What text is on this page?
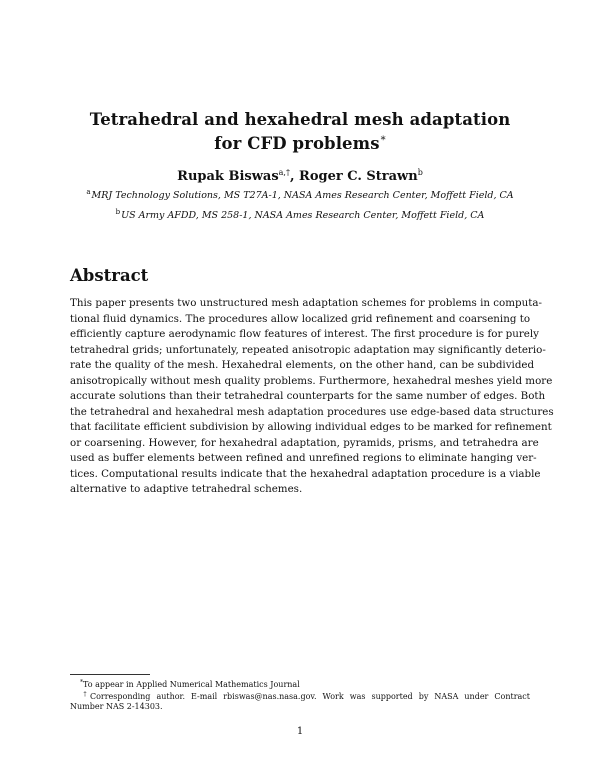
Tetrahedral and hexahedral mesh adaptation
for CFD problems*
Rupak Biswas$^{a,\dagger}$, Roger C. Strawn$^b$
$^a$MRJ Technology Solutions, MS T27A-1, NASA Ames Research Center, Moffett Field, CA
$^b$US Army AFDD, MS 258-1, NASA Ames Research Center, Moffett Field, CA
Abstract
This paper presents two unstructured mesh adaptation schemes for problems in computa-
tional fluid dynamics. The procedures allow localized grid refinement and coarsening to
efficiently capture aerodynamic flow features of interest. The first procedure is for purely
tetrahedral grids; unfortunately, repeated anisotropic adaptation may significantly deterio-
rate the quality of the mesh. Hexahedral elements, on the other hand, can be subdivided
anisotropically without mesh quality problems. Furthermore, hexahedral meshes yield more
accurate solutions than their tetrahedral counterparts for the same number of edges. Both
the tetrahedral and hexahedral mesh adaptation procedures use edge-based data structures
that facilitate efficient subdivision by allowing individual edges to be marked for refinement
or coarsening. However, for hexahedral adaptation, pyramids, prisms, and tetrahedra are
used as buffer elements between refined and unrefined regions to eliminate hanging ver-
tices. Computational results indicate that the hexahedral adaptation procedure is a viable
alternative to adaptive tetrahedral schemes.
*To appear in Applied Numerical Mathematics Journal
†Corresponding author. E-mail rbiswas@nas.nasa.gov. Work was supported by NASA under Contract
Number NAS 2-14303.
1
